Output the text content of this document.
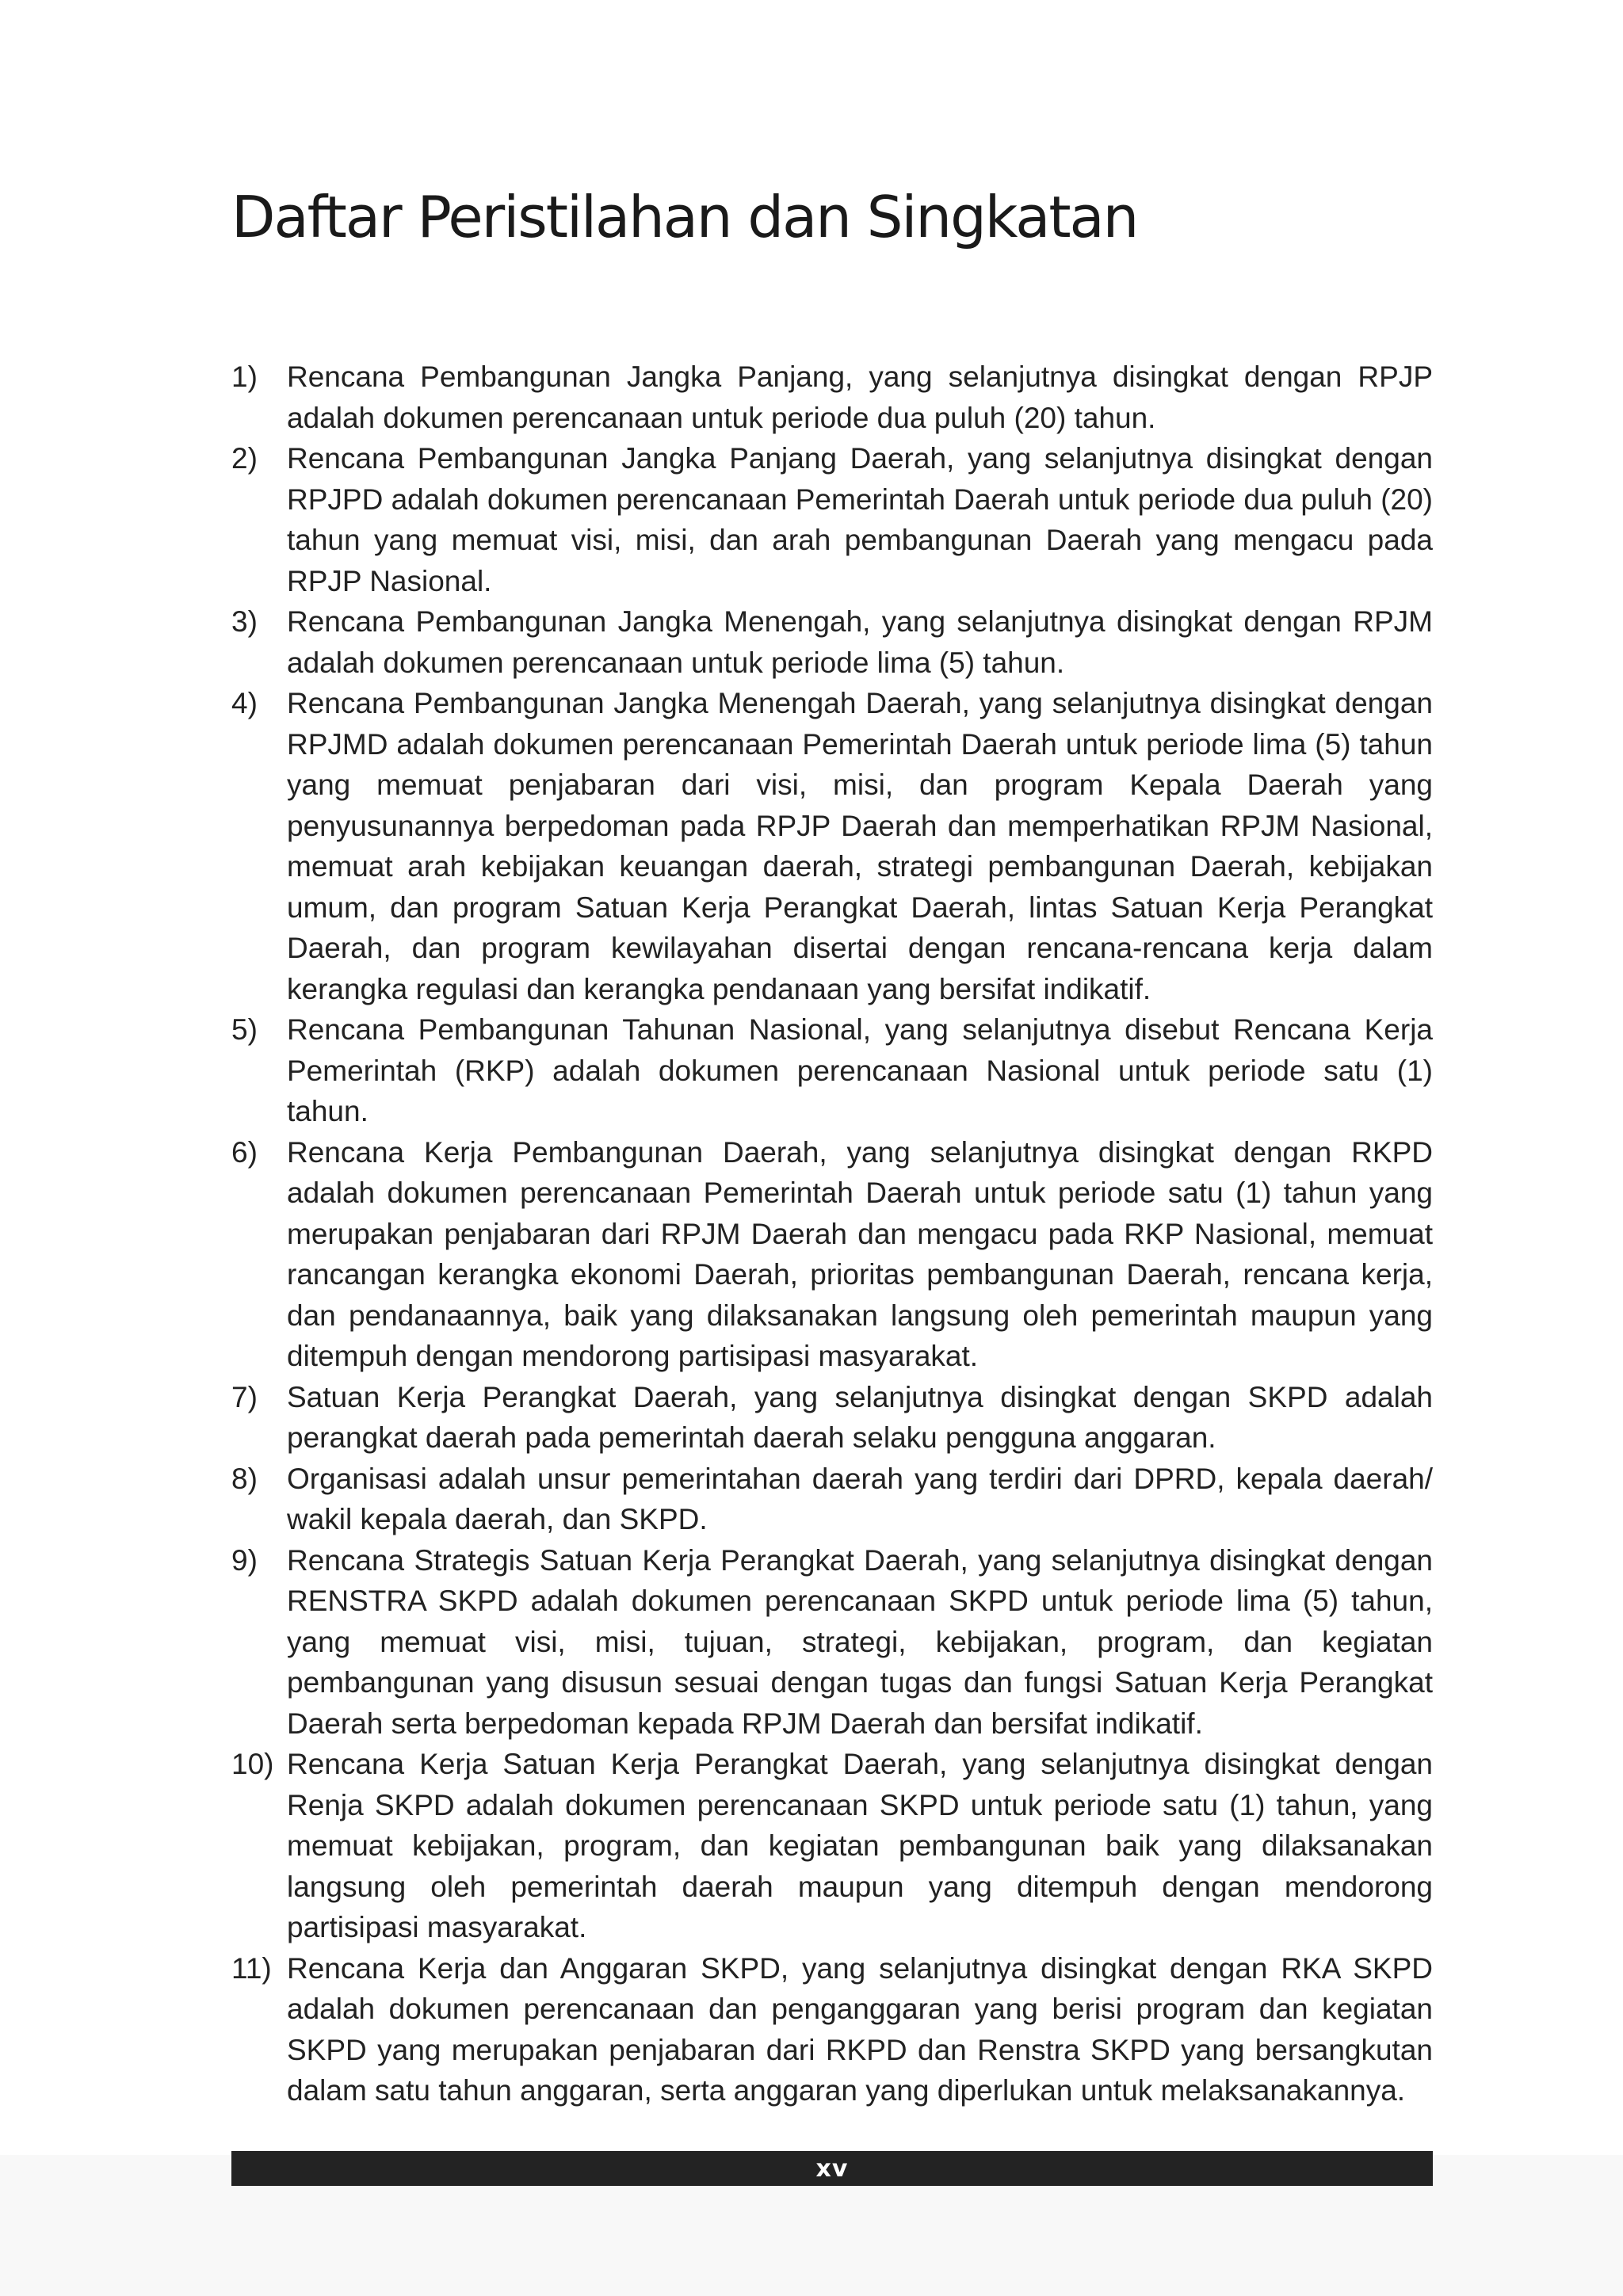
Daftar Peristilahan dan Singkatan
1)	Rencana Pembangunan Jangka Panjang, yang selanjutnya disingkat dengan RPJP adalah dokumen perencanaan untuk periode dua puluh (20) tahun.
2)	Rencana Pembangunan Jangka Panjang Daerah, yang selanjutnya disingkat dengan RPJPD adalah dokumen perencanaan Pemerintah Daerah untuk periode dua puluh (20) tahun yang memuat visi, misi, dan arah pembangunan Daerah yang mengacu pada RPJP Nasional.
3)	Rencana Pembangunan Jangka Menengah, yang selanjutnya disingkat dengan RPJM adalah dokumen perencanaan untuk periode lima (5) tahun.
4)	Rencana Pembangunan Jangka Menengah Daerah, yang selanjutnya disingkat dengan RPJMD adalah dokumen perencanaan Pemerintah Daerah untuk periode lima (5) tahun yang memuat penjabaran dari visi, misi, dan program Kepala Daerah yang penyusunannya berpedoman pada RPJP Daerah dan memperhatikan RPJM Nasional, memuat arah kebijakan keuangan daerah, strategi pembangunan Daerah, kebijakan umum, dan program Satuan Kerja Perangkat Daerah, lintas Satuan Kerja Perangkat Daerah, dan program kewilayahan disertai dengan rencana-rencana kerja dalam kerangka regulasi dan kerangka pendanaan yang bersifat indikatif.
5)	Rencana Pembangunan Tahunan Nasional, yang selanjutnya disebut Rencana Kerja Pemerintah (RKP) adalah dokumen perencanaan Nasional untuk periode satu (1) tahun.
6)	Rencana Kerja Pembangunan Daerah, yang selanjutnya disingkat dengan RKPD adalah dokumen perencanaan Pemerintah Daerah untuk periode satu (1) tahun yang merupakan penjabaran dari RPJM Daerah dan mengacu pada RKP Nasional, memuat rancangan kerangka ekonomi Daerah, prioritas pembangunan Daerah, rencana kerja, dan pendanaannya, baik yang dilaksanakan langsung oleh pemerintah maupun yang ditempuh dengan mendorong partisipasi masyarakat.
7)	Satuan Kerja Perangkat Daerah, yang selanjutnya disingkat dengan SKPD adalah perangkat daerah pada pemerintah daerah selaku pengguna anggaran.
8)	Organisasi adalah unsur pemerintahan daerah yang terdiri dari DPRD, kepala daerah/ wakil kepala daerah, dan SKPD.
9)	Rencana Strategis Satuan Kerja Perangkat Daerah, yang selanjutnya disingkat dengan RENSTRA SKPD adalah dokumen perencanaan SKPD untuk periode lima (5) tahun, yang memuat visi, misi, tujuan, strategi, kebijakan, program, dan kegiatan pembangunan yang disusun sesuai dengan tugas dan fungsi Satuan Kerja Perangkat Daerah serta berpedoman kepada RPJM Daerah dan bersifat indikatif.
10) Rencana Kerja Satuan Kerja Perangkat Daerah, yang selanjutnya disingkat dengan Renja SKPD adalah dokumen perencanaan SKPD untuk periode satu (1) tahun, yang memuat kebijakan, program, dan kegiatan pembangunan baik yang dilaksanakan langsung oleh pemerintah daerah maupun yang ditempuh dengan mendorong partisipasi masyarakat.
11) Rencana Kerja dan Anggaran SKPD, yang selanjutnya disingkat dengan RKA SKPD adalah dokumen perencanaan dan penganggaran yang berisi program dan kegiatan SKPD yang merupakan penjabaran dari RKPD dan Renstra SKPD yang bersangkutan dalam satu tahun anggaran, serta anggaran yang diperlukan untuk melaksanakannya.
xv
